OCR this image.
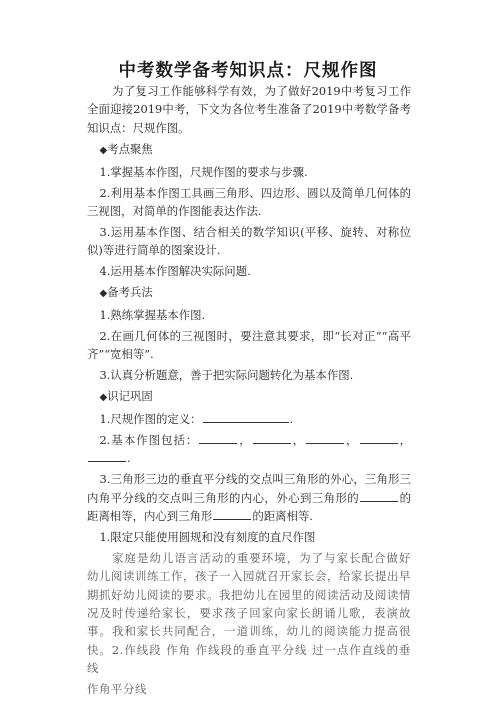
中考数学备考知识点：尺规作图

为了复习工作能够科学有效，为了做好2019中考复习工作全面迎接2019中考，下文为各位考生准备了2019中考数学备考知识点：尺规作图。

◆考点聚焦

1.掌握基本作图，尺规作图的要求与步骤.

2.利用基本作图工具画三角形、四边形、圆以及简单几何体的三视图，对简单的作图能表达作法.

3.运用基本作图、结合相关的数学知识(平移、旋转、对称位似)等进行简单的图案设计.

4.运用基本作图解决实际问题.

◆备考兵法

1.熟练掌握基本作图.

2.在画几何体的三视图时，要注意其要求，即“长对正”“高平齐”“宽相等”.

3.认真分析题意，善于把实际问题转化为基本作图.

◆识记巩固

1.尺规作图的定义：	.

2.基本作图包括：	，	，	，	，.

3.三角形三边的垂直平分线的交点叫三角形的外心，三角形三内角平分线的交点叫三角形的内心，外心到三角形的	的距离相等，内心到三角形	的距离相等.

1.限定只能使用圆规和没有刻度的直尺作图

家庭是幼儿语言活动的重要环境，为了与家长配合做好幼儿阅读训练工作，孩子一入园就召开家长会，给家长提出早期抓好幼儿阅读的要求。我把幼儿在园里的阅读活动及阅读情况及时传递给家长，要求孩子回家向家长朗诵儿歌，表演故事。我和家长共同配合，一道训练，幼儿的阅读能力提高很快。2.作线段 作角 作线段的垂直平分线 过一点作直线的垂线

作角平分线
